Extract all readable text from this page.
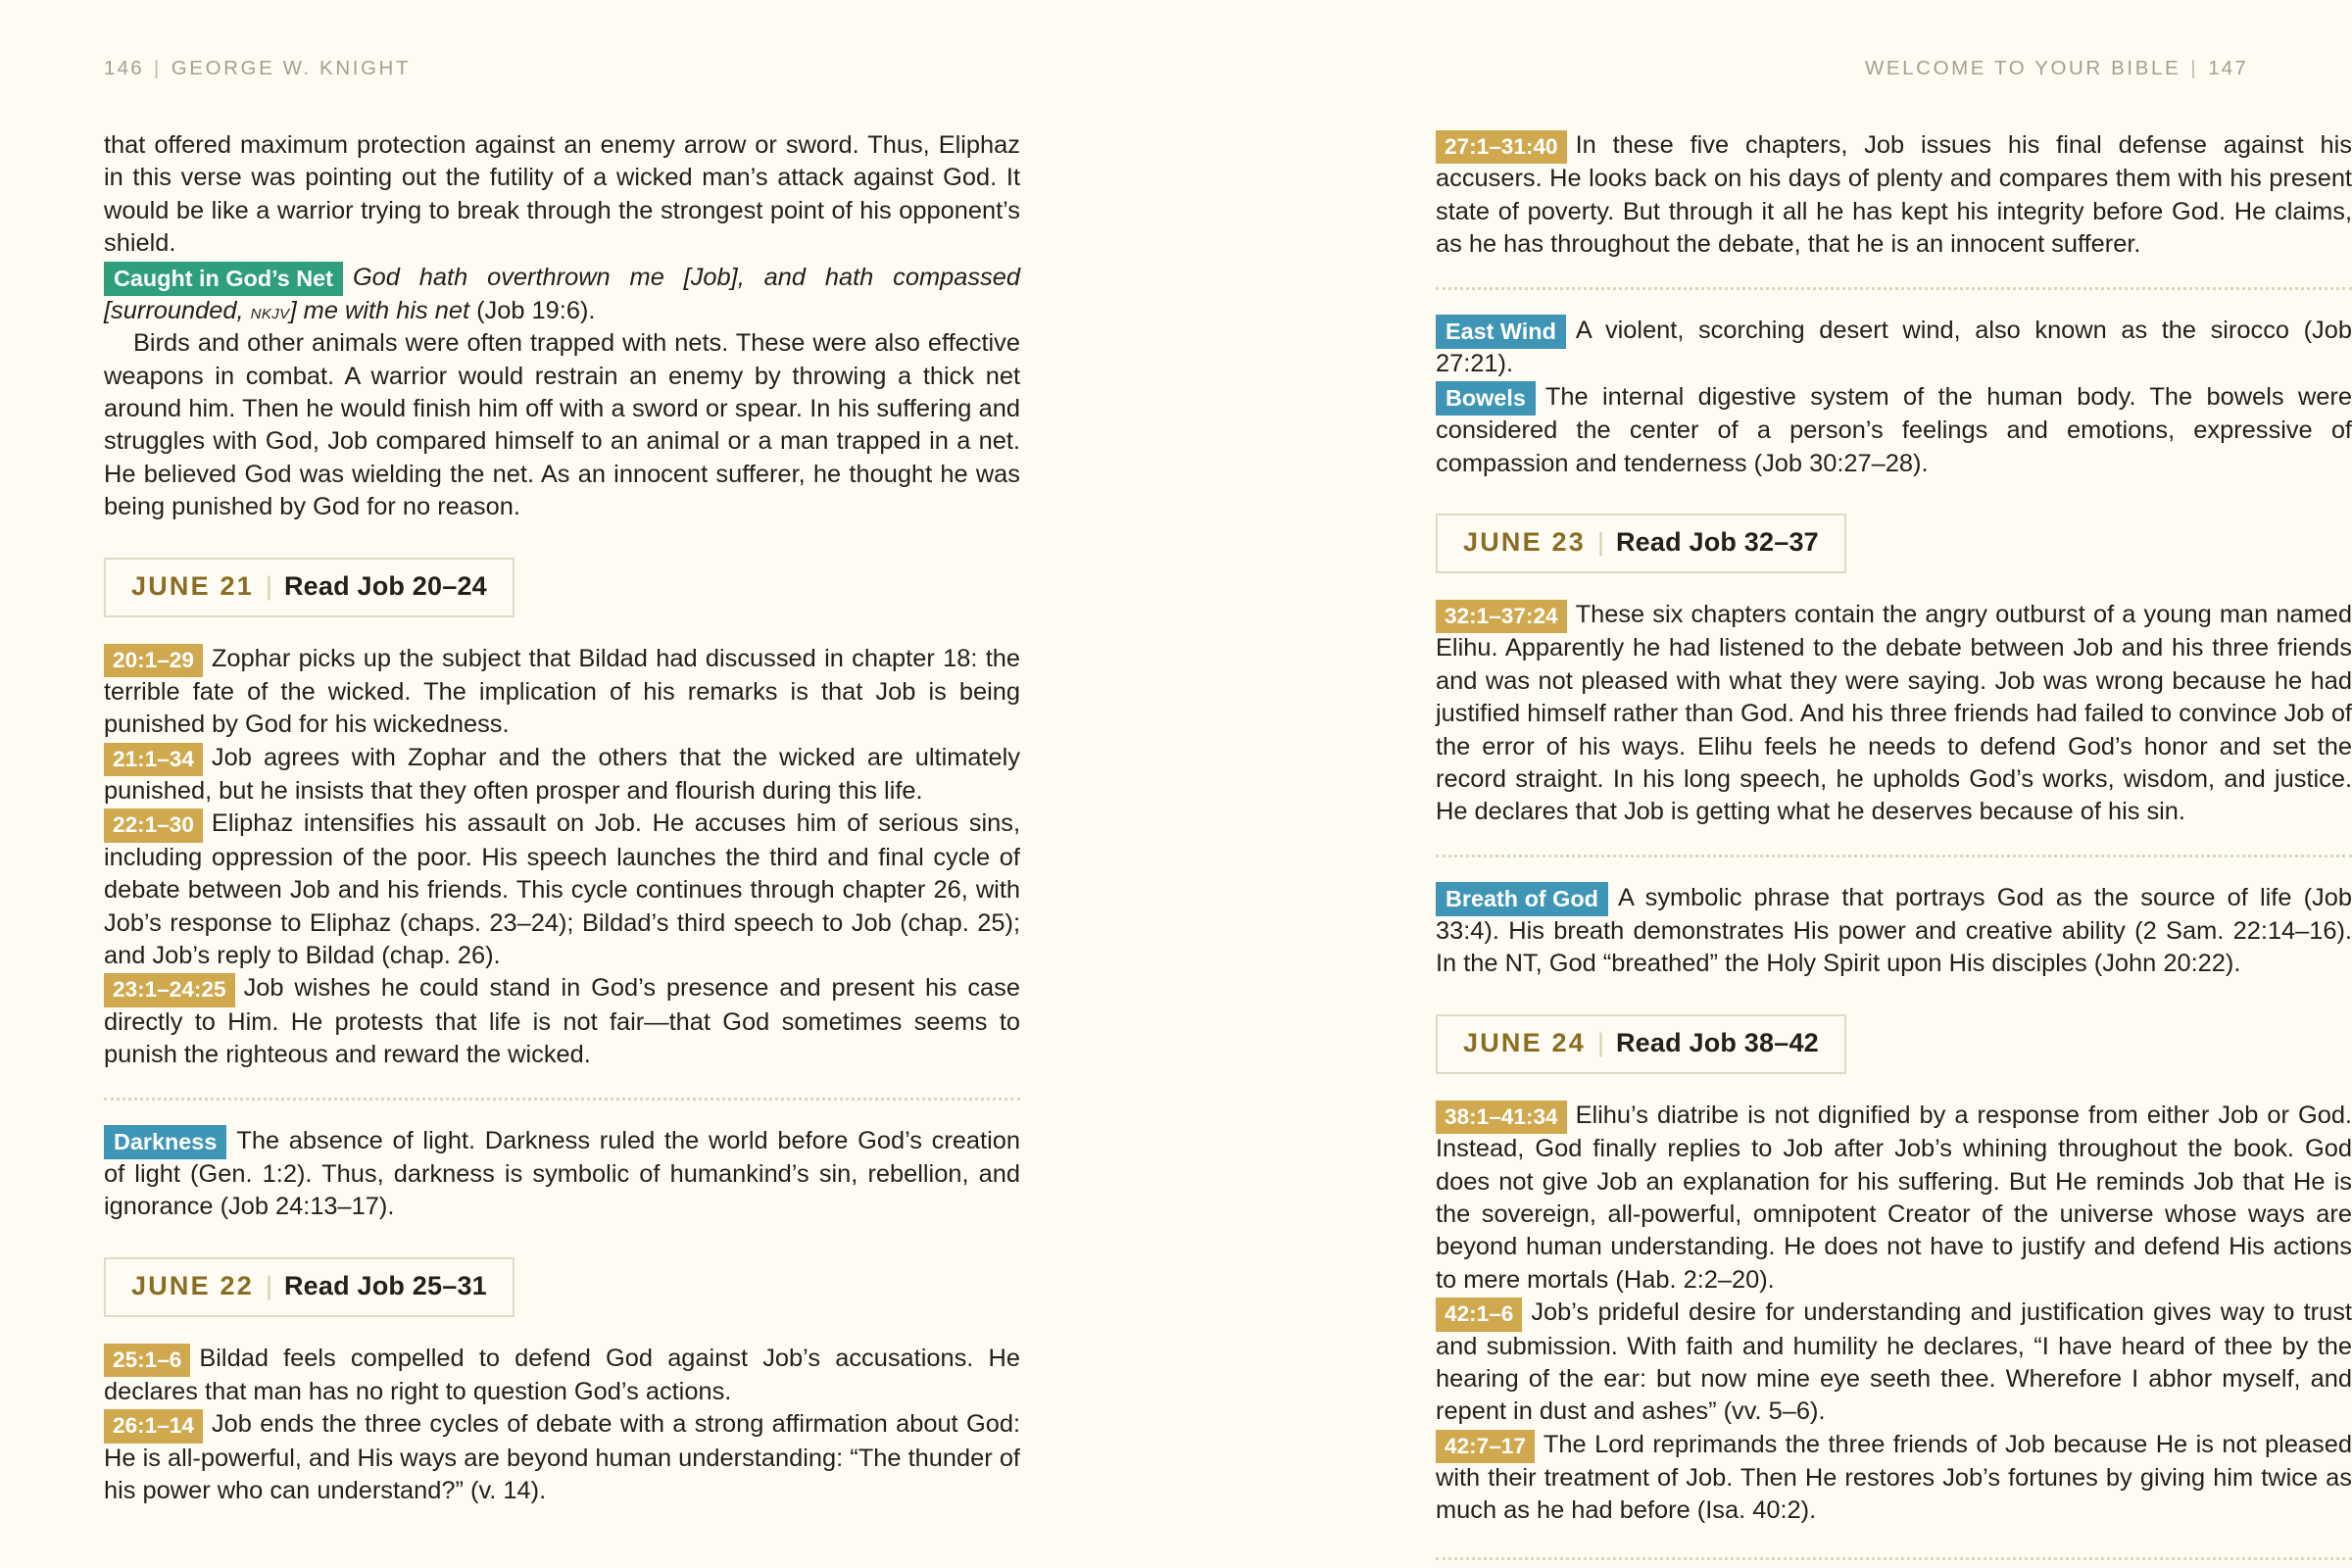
146 | GEORGE W. KNIGHT	WELCOME TO YOUR BIBLE | 147

that offered maximum protection against an enemy arrow or sword. Thus, Eliphaz in this verse was pointing out the futility of a wicked man’s attack against God. It would be like a warrior trying to break through the strongest point of his opponent’s shield.

Caught in God’s Net God hath overthrown me [Job], and hath compassed [surrounded, nkjv] me with his net (Job 19:6).

Birds and other animals were often trapped with nets. These were also effective weapons in combat. A warrior would restrain an enemy by throwing a thick net around him. Then he would finish him off with a sword or spear. In his suffering and struggles with God, Job compared himself to an animal or a man trapped in a net. He believed God was wielding the net. As an innocent sufferer, he thought he was being punished by God for no reason.

JUNE 21 | Read Job 20–24

20:1–29 Zophar picks up the subject that Bildad had discussed in chapter 18: the terrible fate of the wicked. The implication of his remarks is that Job is being punished by God for his wickedness.

21:1–34 Job agrees with Zophar and the others that the wicked are ultimately punished, but he insists that they often prosper and flourish during this life.

22:1–30 Eliphaz intensifies his assault on Job. He accuses him of serious sins, including oppression of the poor. His speech launches the third and final cycle of debate between Job and his friends. This cycle continues through chapter 26, with Job’s response to Eliphaz (chaps. 23–24); Bildad’s third speech to Job (chap. 25); and Job’s reply to Bildad (chap. 26).

23:1–24:25 Job wishes he could stand in God’s presence and present his case directly to Him. He protests that life is not fair—that God sometimes seems to punish the righteous and reward the wicked.

Darkness The absence of light. Darkness ruled the world before God’s creation of light (Gen. 1:2). Thus, darkness is symbolic of humankind’s sin, rebellion, and ignorance (Job 24:13–17).

JUNE 22 | Read Job 25–31

25:1–6 Bildad feels compelled to defend God against Job’s accusations. He declares that man has no right to question God’s actions.

26:1–14 Job ends the three cycles of debate with a strong affirmation about God: He is all-powerful, and His ways are beyond human understanding: “The thunder of his power who can understand?” (v. 14).

27:1–31:40 In these five chapters, Job issues his final defense against his accusers. He looks back on his days of plenty and compares them with his present state of poverty. But through it all he has kept his integrity before God. He claims, as he has throughout the debate, that he is an innocent sufferer.

East Wind A violent, scorching desert wind, also known as the sirocco (Job 27:21).

Bowels The internal digestive system of the human body. The bowels were considered the center of a person’s feelings and emotions, expressive of compassion and tenderness (Job 30:27–28).

JUNE 23 | Read Job 32–37

32:1–37:24 These six chapters contain the angry outburst of a young man named Elihu. Apparently he had listened to the debate between Job and his three friends and was not pleased with what they were saying. Job was wrong because he had justified himself rather than God. And his three friends had failed to convince Job of the error of his ways. Elihu feels he needs to defend God’s honor and set the record straight. In his long speech, he upholds God’s works, wisdom, and justice. He declares that Job is getting what he deserves because of his sin.

Breath of God A symbolic phrase that portrays God as the source of life (Job 33:4). His breath demonstrates His power and creative ability (2 Sam. 22:14–16). In the NT, God “breathed” the Holy Spirit upon His disciples (John 20:22).

JUNE 24 | Read Job 38–42

38:1–41:34 Elihu’s diatribe is not dignified by a response from either Job or God. Instead, God finally replies to Job after Job’s whining throughout the book. God does not give Job an explanation for his suffering. But He reminds Job that He is the sovereign, all-powerful, omnipotent Creator of the universe whose ways are beyond human understanding. He does not have to justify and defend His actions to mere mortals (Hab. 2:2–20).

42:1–6 Job’s prideful desire for understanding and justification gives way to trust and submission. With faith and humility he declares, “I have heard of thee by the hearing of the ear: but now mine eye seeth thee. Wherefore I abhor myself, and repent in dust and ashes” (vv. 5–6).

42:7–17 The Lord reprimands the three friends of Job because He is not pleased with their treatment of Job. Then He restores Job’s fortunes by giving him twice as much as he had before (Isa. 40:2).
